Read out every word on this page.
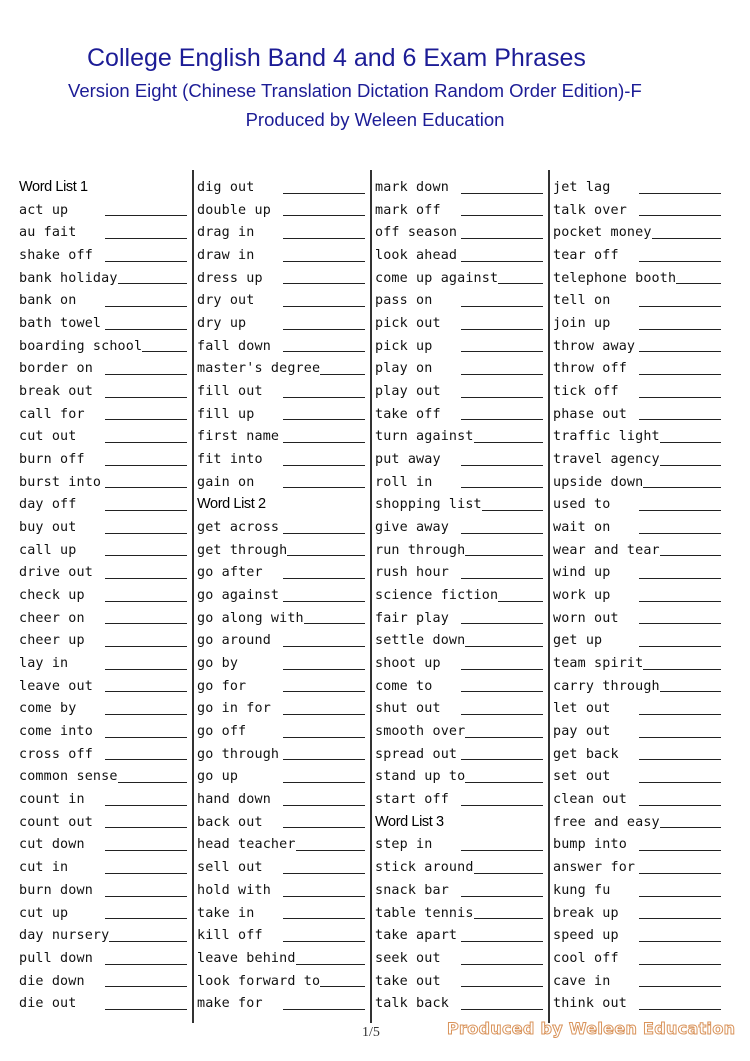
College English Band 4 and 6 Exam Phrases
Version Eight (Chinese Translation Dictation Random Order Edition)-F
Produced by Weleen Education
Word List 1
act up
au fait
shake off
bank holiday
bank on
bath towel
boarding school
border on
break out
call for
cut out
burn off
burst into
day off
buy out
call up
drive out
check up
cheer on
cheer up
lay in
leave out
come by
come into
cross off
common sense
count in
count out
cut down
cut in
burn down
cut up
day nursery
pull down
die down
die out
dig out
double up
drag in
draw in
dress up
dry out
dry up
fall down
master's degree
fill out
fill up
first name
fit into
gain on
Word List 2
get across
get through
go after
go against
go along with
go around
go by
go for
go in for
go off
go through
go up
hand down
back out
head teacher
sell out
hold with
take in
kill off
leave behind
look forward to
make for
mark down
mark off
off season
look ahead
come up against
pass on
pick out
pick up
play on
play out
take off
turn against
put away
roll in
shopping list
give away
run through
rush hour
science fiction
fair play
settle down
shoot up
come to
shut out
smooth over
spread out
stand up to
start off
Word List 3
step in
stick around
snack bar
table tennis
take apart
seek out
take out
talk back
jet lag
talk over
pocket money
tear off
telephone booth
tell on
join up
throw away
throw off
tick off
phase out
traffic light
travel agency
upside down
used to
wait on
wear and tear
wind up
work up
worn out
get up
team spirit
carry through
let out
pay out
get back
set out
clean out
free and easy
bump into
answer for
kung fu
break up
speed up
cool off
cave in
think out
1/5	Produced by Weleen Education
